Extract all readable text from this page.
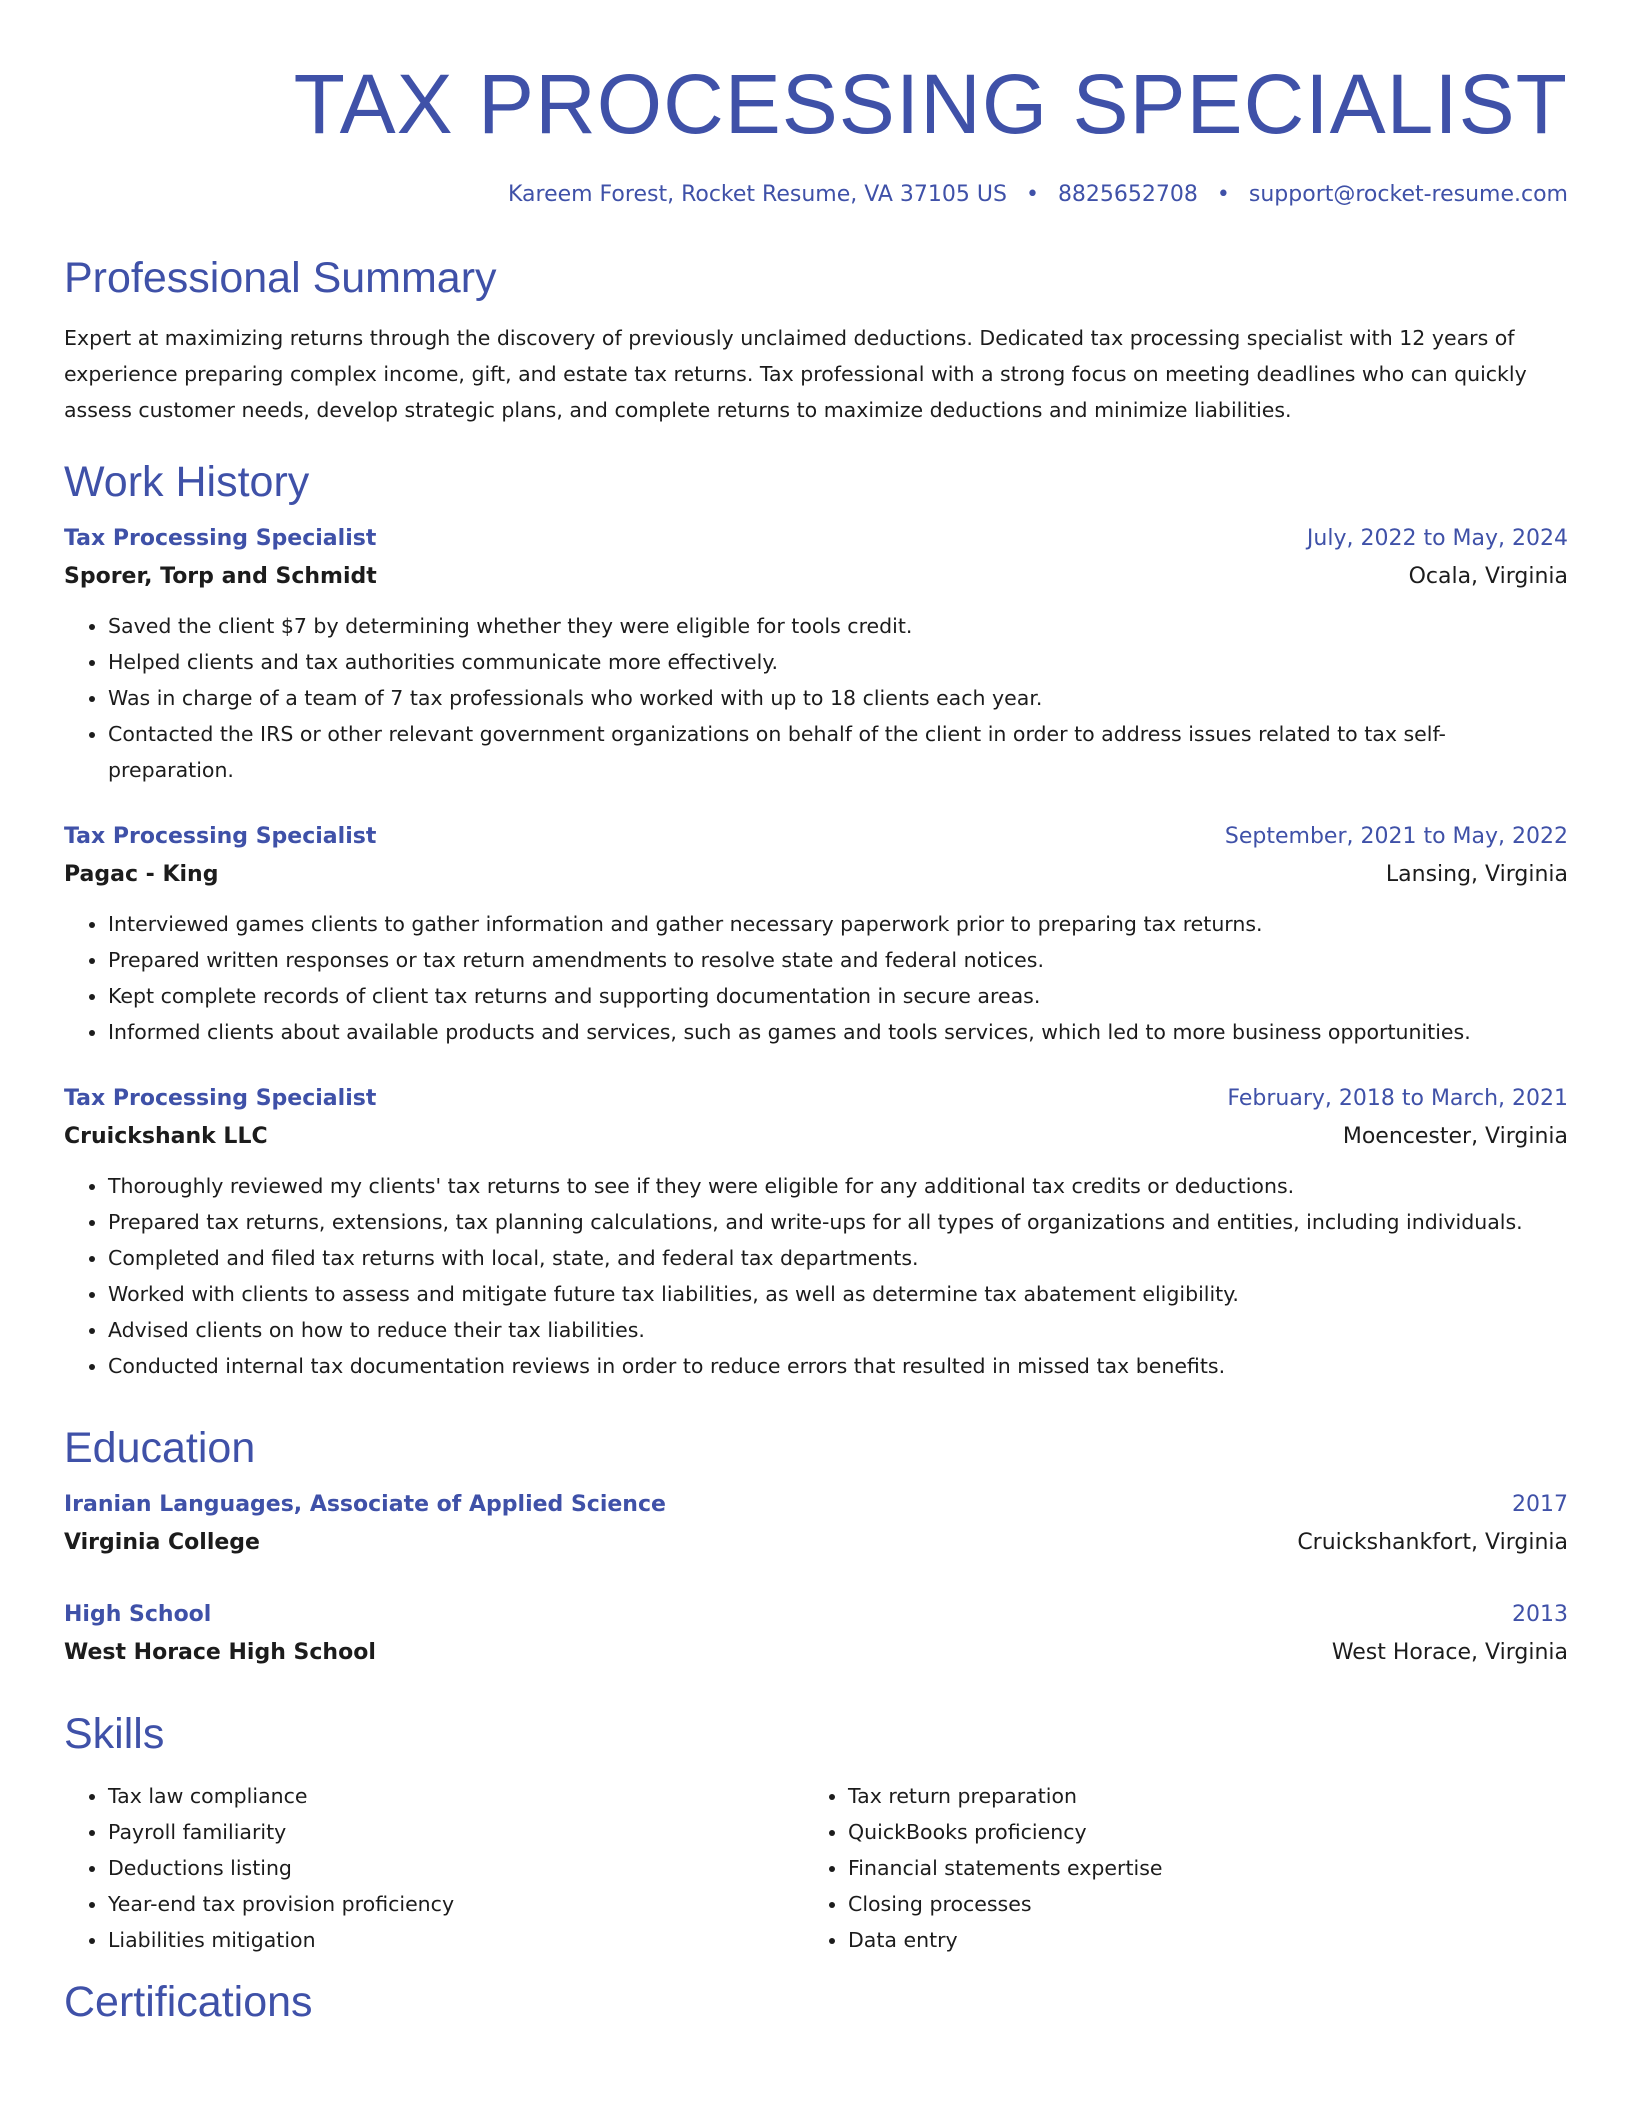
TAX PROCESSING SPECIALIST
Kareem Forest, Rocket Resume, VA 37105 US • 8825652708 • support@rocket-resume.com
Professional Summary

Expert at maximizing returns through the discovery of previously unclaimed deductions. Dedicated tax processing specialist with 12 years of experience preparing complex income, gift, and estate tax returns. Tax professional with a strong focus on meeting deadlines who can quickly assess customer needs, develop strategic plans, and complete returns to maximize deductions and minimize liabilities.

Work History
Tax Processing Specialist	July, 2022 to May, 2024
Sporer, Torp and Schmidt	Ocala, Virginia
• Saved the client $7 by determining whether they were eligible for tools credit.
• Helped clients and tax authorities communicate more effectively.
• Was in charge of a team of 7 tax professionals who worked with up to 18 clients each year.
• Contacted the IRS or other relevant government organizations on behalf of the client in order to address issues related to tax self-preparation.
Tax Processing Specialist	September, 2021 to May, 2022
Pagac - King	Lansing, Virginia
• Interviewed games clients to gather information and gather necessary paperwork prior to preparing tax returns.
• Prepared written responses or tax return amendments to resolve state and federal notices.
• Kept complete records of client tax returns and supporting documentation in secure areas.
• Informed clients about available products and services, such as games and tools services, which led to more business opportunities.
Tax Processing Specialist	February, 2018 to March, 2021
Cruickshank LLC	Moencester, Virginia
• Thoroughly reviewed my clients' tax returns to see if they were eligible for any additional tax credits or deductions.
• Prepared tax returns, extensions, tax planning calculations, and write-ups for all types of organizations and entities, including individuals.
• Completed and filed tax returns with local, state, and federal tax departments.
• Worked with clients to assess and mitigate future tax liabilities, as well as determine tax abatement eligibility.
• Advised clients on how to reduce their tax liabilities.
• Conducted internal tax documentation reviews in order to reduce errors that resulted in missed tax benefits.
Education
Iranian Languages, Associate of Applied Science	2017
Virginia College	Cruickshankfort, Virginia
High School	2013
West Horace High School	West Horace, Virginia
Skills
• Tax law compliance
• Payroll familiarity
• Deductions listing
• Year-end tax provision proficiency
• Liabilities mitigation
• Tax return preparation
• QuickBooks proficiency
• Financial statements expertise
• Closing processes
• Data entry
Certifications
